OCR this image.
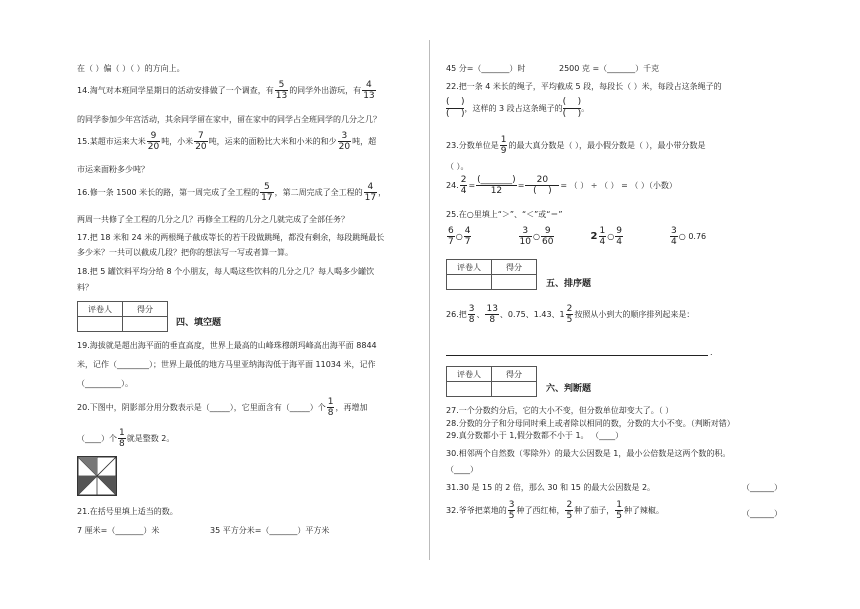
在（ ）偏（ ）（ ）的方向上。
14.淘气对本班同学星期日的活动安排做了一个调查，有 $\frac{5}{13}$ 的同学外出游玩，有 $\frac{4}{13}$
的同学参加少年宫活动，其余同学留在家中，留在家中的同学占全班同学的几分之几？
15.某超市运来大米 $\frac{9}{20}$ 吨，小米 $\frac{7}{20}$ 吨，运来的面粉比大米和小米的和少 $\frac{3}{20}$ 吨，超
市运来面粉多少吨？
16.修一条 1500 米长的路，第一周完成了全工程的 $\frac{5}{17}$ ，第二周完成了全工程的 $\frac{4}{17}$ ，
两周一共修了全工程的几分之几？再修全工程的几分之几就完成了全部任务？
17.把 18 米和 24 米的两根绳子截成等长的若干段做跳绳，都没有剩余，每段跳绳最长
多少米？一共可以截成几段？把你的想法写一写或者算一算。
18.把 5 罐饮料平均分给 8 个小朋友，每人喝这些饮料的几分之几？每人喝多少罐饮
料？
评卷人	得分

四、填空题
19.海拔就是超出海平面的垂直高度，世界上最高的山峰珠穆朗玛峰高出海平面 8844
米，记作（________）；世界上最低的地方马里亚纳海沟低于海平面 11034 米，记作
（_________）。
20.下图中，阴影部分用分数表示是（_____），它里面含有（_____）个 $\frac{1}{8}$ ，再增加
（____）个 $\frac{1}{8}$ 就是整数 2。
21.在括号里填上适当的数。
7 厘米=（_______）米	35 平方分米=（_______）平方米
45 分=（_______）时	2500 克 =（_______）千克
22.把一条 4 米长的绳子，平均截成 5 段，每段长（ ）米，每段占这条绳子的
(    )
(    )
，这样的 3 段占这条绳子的
(    )
(    )
。
23.分数单位是 $\frac{1}{9}$ 的最大真分数是（ ），最小假分数是（ ），最小带分数是
（ ）。
24. $\frac{2}{4} = \frac{(\_\_\_\_\_\_\_)}{12} = \frac{20}{( )}$ = （ ） ÷ （ ） = （ ）（小数）
25.在○里填上“＞”、“＜”或“＝”
$\frac{6}{7}$ ○ $\frac{4}{7}$
	$\frac{3}{10}$ ○ $\frac{9}{60}$	$2 \frac{1}{4}$ ○ $\frac{9}{4}$
	$\frac{3}{4}$ ○ 0.76
评卷人	得分

五、排序题
26.把 $\frac{3}{8}$ 、 $\frac{13}{8}$ 、0.75、1.43、$1 \frac{2}{5}$ 按照从小到大的顺序排列起来是：
.
评卷人	得分

六、判断题
27.一个分数约分后，它的大小不变，但分数单位却变大了。（ ）
28.分数的分子和分母同时乘上或者除以相同的数，分数的大小不变。（判断对错）
29.真分数都小于 1,假分数都不小于 1。 （____）
30.相邻两个自然数（零除外）的最大公因数是 1，最小公倍数是这两个数的积。
（____）
31.30 是 15 的 2 倍，那么 30 和 15 的最大公因数是 2。	（______）
32.爷爷把菜地的 $\frac{3}{5}$ 种了西红柿， $\frac{2}{5}$ 种了茄子， $\frac{1}{5}$ 种了辣椒。	（______）
